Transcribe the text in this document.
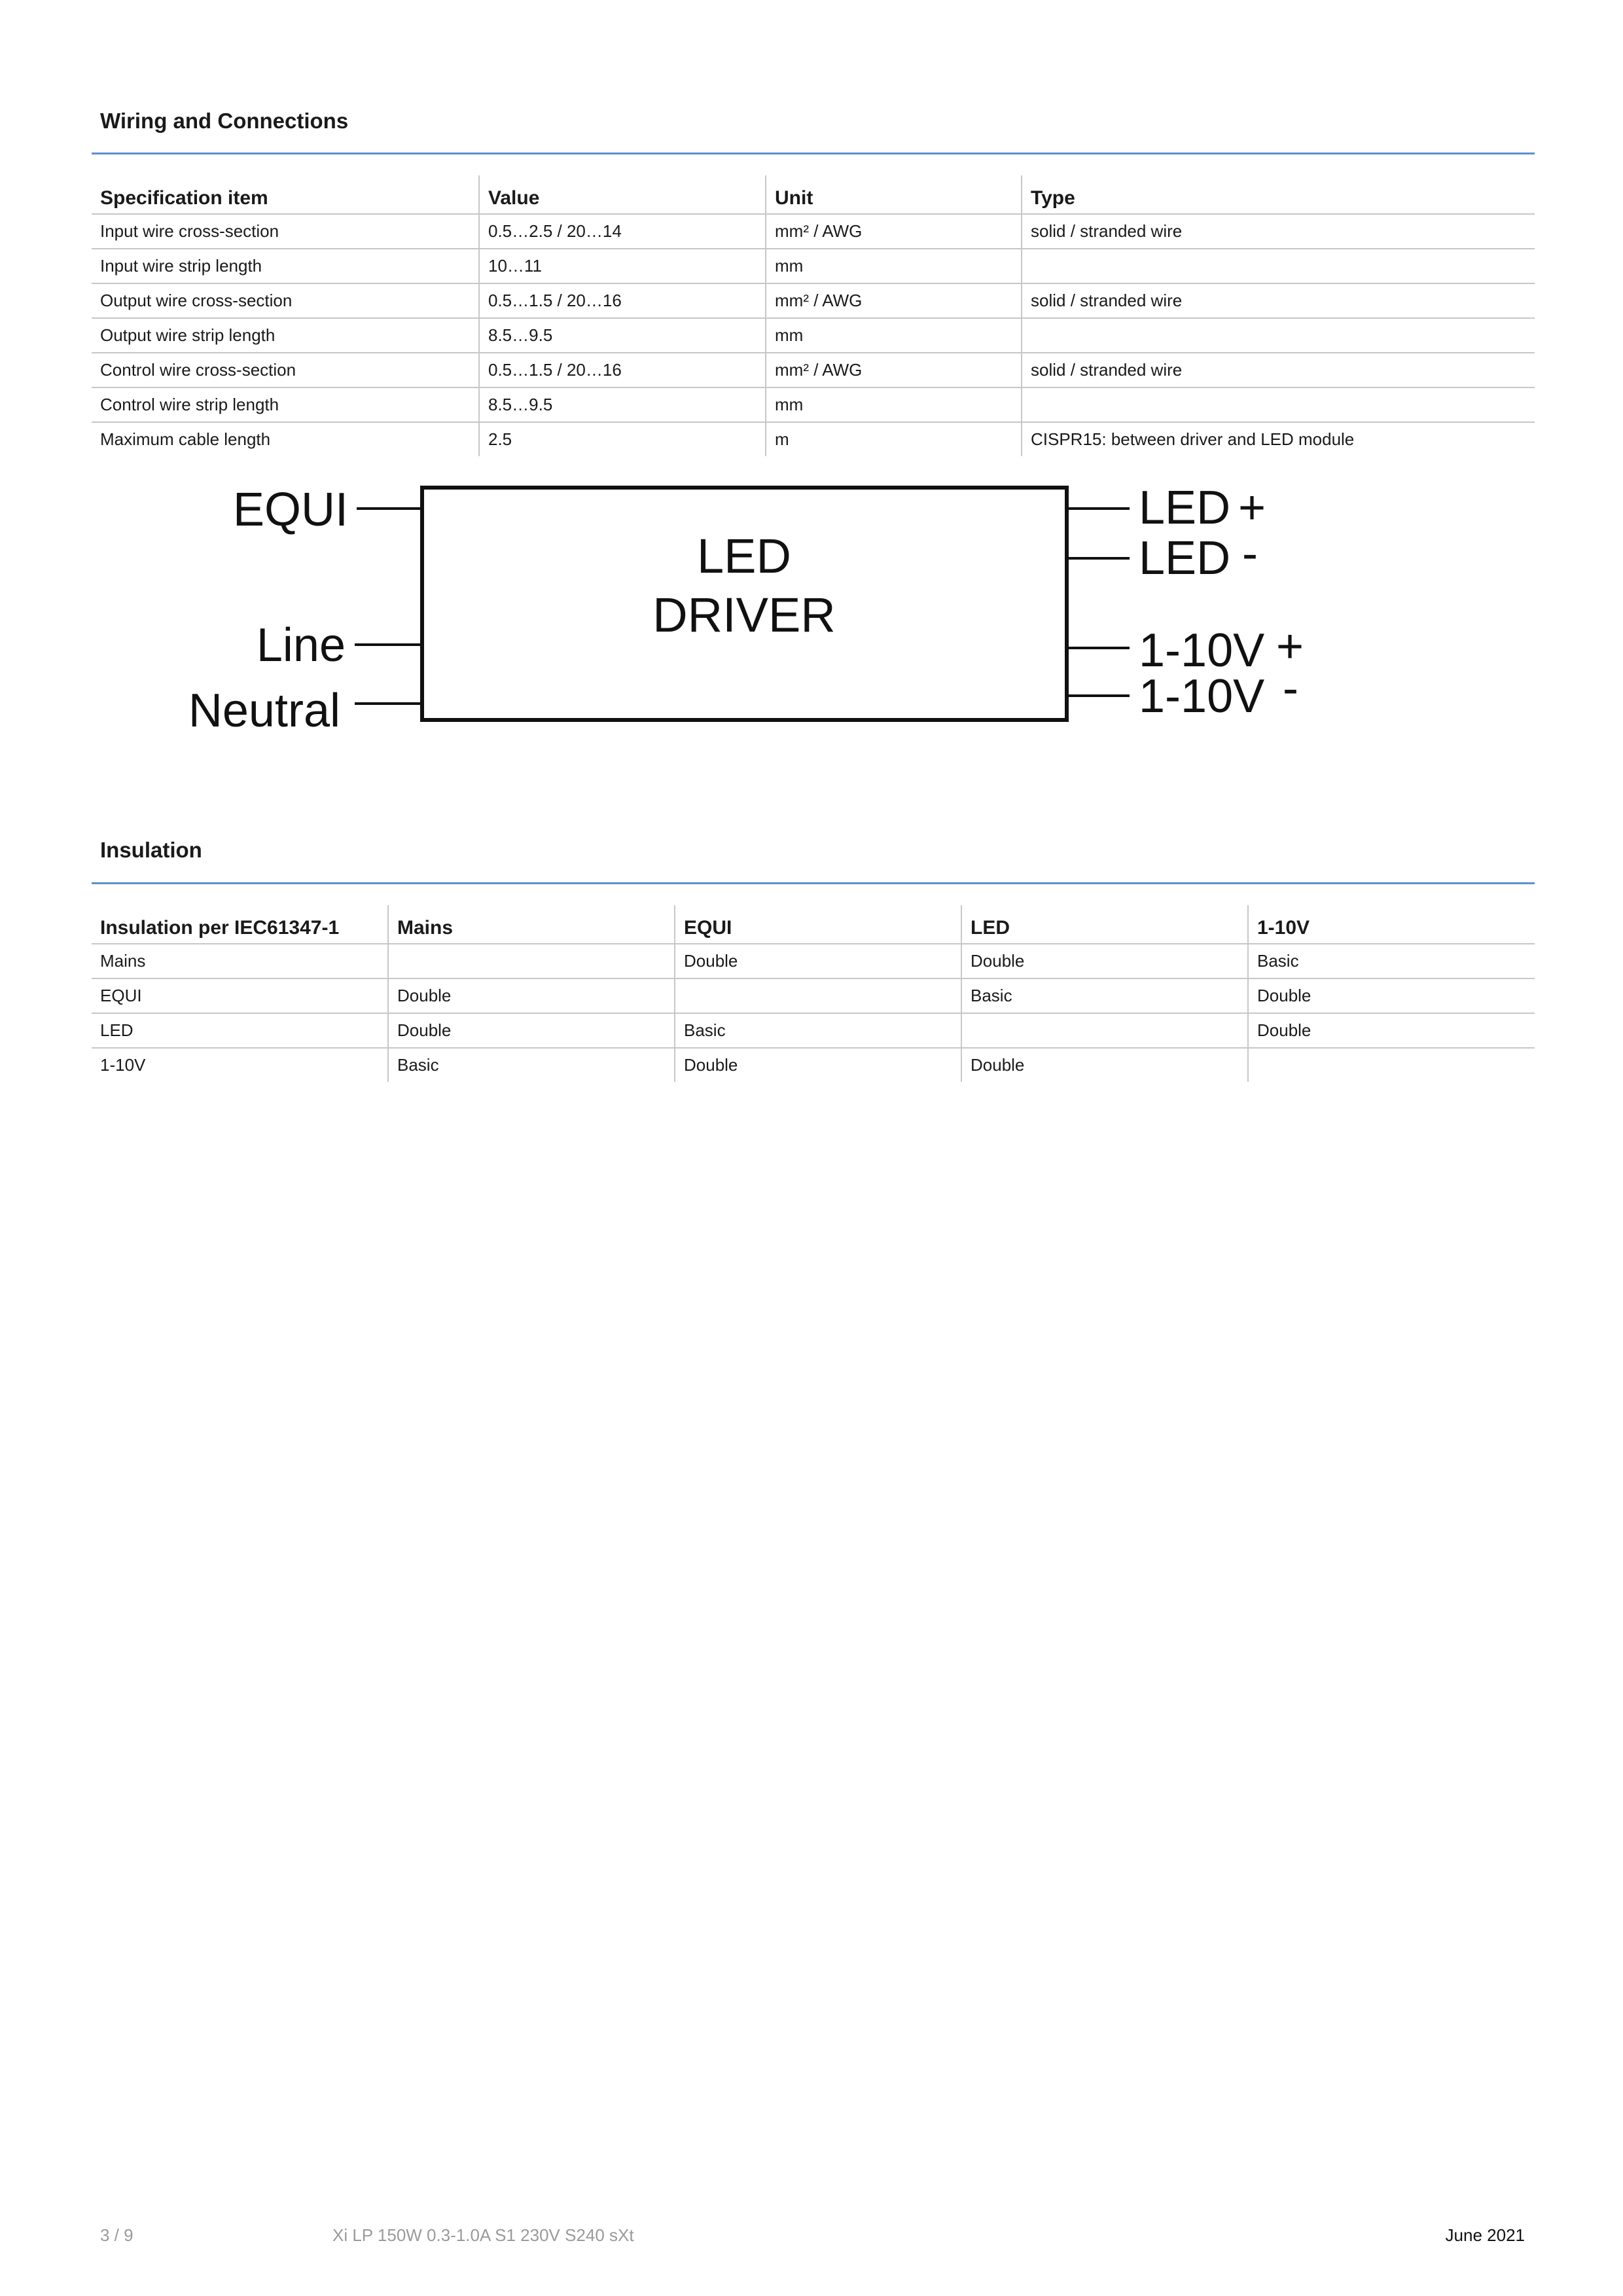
Wiring and Connections
Specification item	Value	Unit	Type
Input wire cross-section	0.5…2.5 / 20…14	mm² / AWG	solid / stranded wire
Input wire strip length	10…11	mm	
Output wire cross-section	0.5…1.5 / 20…16	mm² / AWG	solid / stranded wire
Output wire strip length	8.5…9.5	mm	
Control wire cross-section	0.5…1.5 / 20…16	mm² / AWG	solid / stranded wire
Control wire strip length	8.5…9.5	mm	
Maximum cable length	2.5	m	CISPR15: between driver and LED module
LED
DRIVER
EQUI
Line
Neutral
LED +
LED -
1-10V +
1-10V -
Insulation
Insulation per IEC61347-1	Mains	EQUI	LED	1-10V
Mains		Double	Double	Basic
EQUI	Double		Basic	Double
LED	Double	Basic		Double
1-10V	Basic	Double	Double	
3 / 9	Xi LP 150W 0.3-1.0A S1 230V S240 sXt	June 2021
